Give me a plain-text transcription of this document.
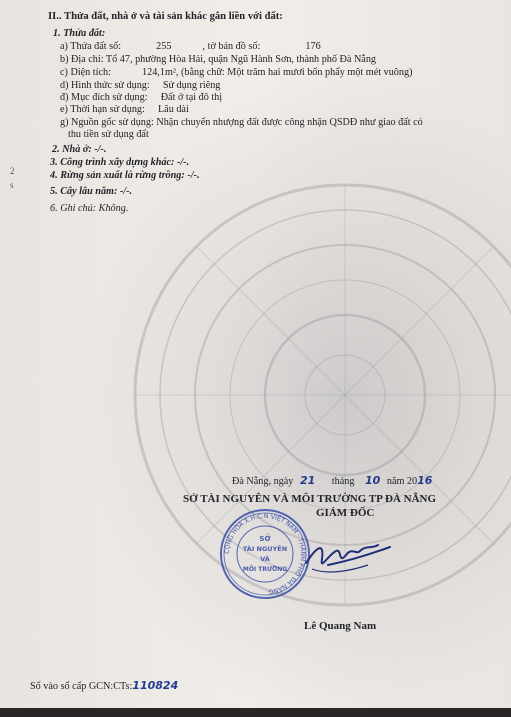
II.. Thửa đất, nhà ở và tài sản khác gắn liền với đất:
1. Thửa đất:
a) Thửa đất số:	255	, tờ bản đồ số:	176
b) Địa chỉ: Tổ 47, phường Hòa Hải, quận Ngũ Hành Sơn, thành phố Đà Nẵng
c) Diện tích:	124,1m², (bằng chữ: Một trăm hai mươi bốn phẩy một mét vuông)
d) Hình thức sử dụng: Sử dụng riêng
đ) Mục đích sử dụng: Đất ở tại đô thị
e) Thời hạn sử dụng: Lâu dài
g) Nguồn gốc sử dụng: Nhận chuyển nhượng đất được công nhận QSDĐ như giao đất có
thu tiền sử dụng đất
2. Nhà ở: -/-.
3. Công trình xây dựng khác: -/-.
4. Rừng sản xuất là rừng trồng: -/-.
5. Cây lâu năm: -/-.
6. Ghi chú: Không.
Đà Nẵng, ngày 21 tháng 10 năm 2016
SỞ TÀI NGUYÊN VÀ MÔI TRƯỜNG TP ĐÀ NẴNG
GIÁM ĐỐC
CỘNG HÒA X.H.C.N VIỆT NAM · THÀNH PHỐ ĐÀ NẴNG
SỞ
TÀI NGUYÊN
VÀ
MÔI TRƯỜNG
Lê Quang Nam
Số vào sổ cấp GCN:CTs:110824
2
s
